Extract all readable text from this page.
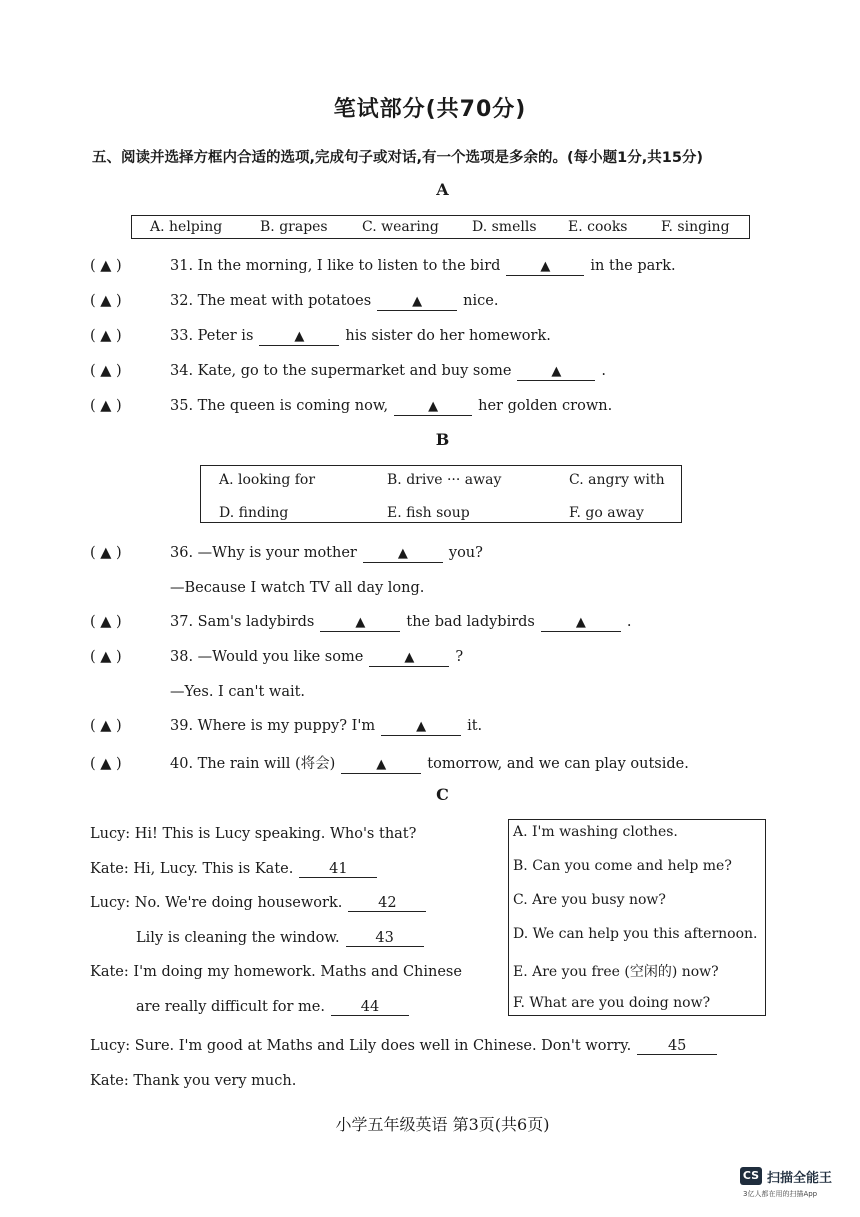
笔试部分(共70分)
五、阅读并选择方框内合适的选项,完成句子或对话,有一个选项是多余的。(每小题1分,共15分)
A
A. helping	B. grapes C. wearing D. smells E. cooks F. singing
( ▲ )	31. In the morning, I like to listen to the bird	▲	in the park.
( ▲ )	32. The meat with potatoes	▲	nice.
( ▲ )	33. Peter is	▲	his sister do her homework.
( ▲ )	34. Kate, go to the supermarket and buy some	▲	.
( ▲ )	35. The queen is coming now,	▲	her golden crown.
B
A. looking for	B. drive ··· away	C. angry with
D. finding	E. fish soup	F. go away
( ▲ )	36. —Why is your mother	▲	you?
—Because I watch TV all day long.
( ▲ )	37. Sam's ladybirds	▲	the bad ladybirds	▲	.
( ▲ )	38. —Would you like some	▲	?
—Yes. I can't wait.
( ▲ )	39. Where is my puppy? I'm	▲	it.
( ▲ )	40. The rain will (将会)	▲	tomorrow, and we can play outside.
C
Lucy: Hi! This is Lucy speaking. Who's that?
Kate: Hi, Lucy. This is Kate. 41
Lucy: No. We're doing housework. 42
Lily is cleaning the window. 43
Kate: I'm doing my homework. Maths and Chinese
are really difficult for me. 44
Lucy: Sure. I'm good at Maths and Lily does well in Chinese. Don't worry.	45
Kate: Thank you very much.
A. I'm washing clothes.
B. Can you come and help me?
C. Are you busy now?
D. We can help you this afternoon.
E. Are you free (空闲的) now?
F. What are you doing now?
小学五年级英语 第3页(共6页)
CS 扫描全能王
3亿人都在用的扫描App
